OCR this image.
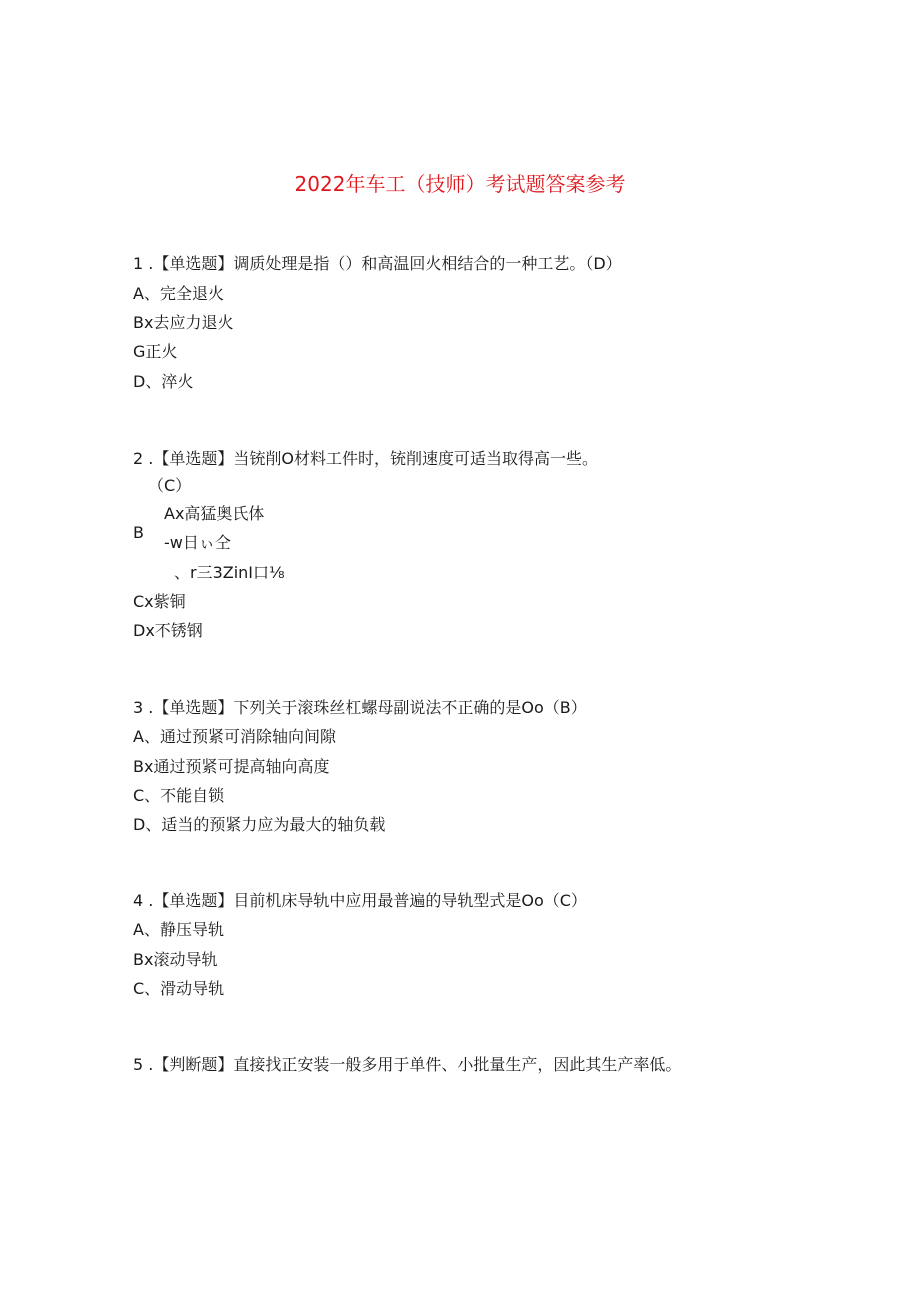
2022年车工（技师）考试题答案参考
1 .【单选题】调质处理是指（）和高温回火相结合的一种工艺。（D）
A、完全退火
Bx去应力退火
G正火
D、淬火
2 .【单选题】当铳削O材料工件时，铳削速度可适当取得高一些。
（C）
Ax高猛奥氏体
B
-w日ぃ仝
、r三3ZinI口⅛
Cx紫铜
Dx不锈钢
3 .【单选题】下列关于滚珠丝杠螺母副说法不正确的是Oo（B）
A、通过预紧可消除轴向间隙
Bx通过预紧可提高轴向高度
C、不能自锁
D、适当的预紧力应为最大的轴负载
4 .【单选题】目前机床导轨中应用最普遍的导轨型式是Oo（C）
A、静压导轨
Bx滚动导轨
C、滑动导轨
5 .【判断题】直接找正安装一般多用于单件、小批量生产，因此其生产率低。
